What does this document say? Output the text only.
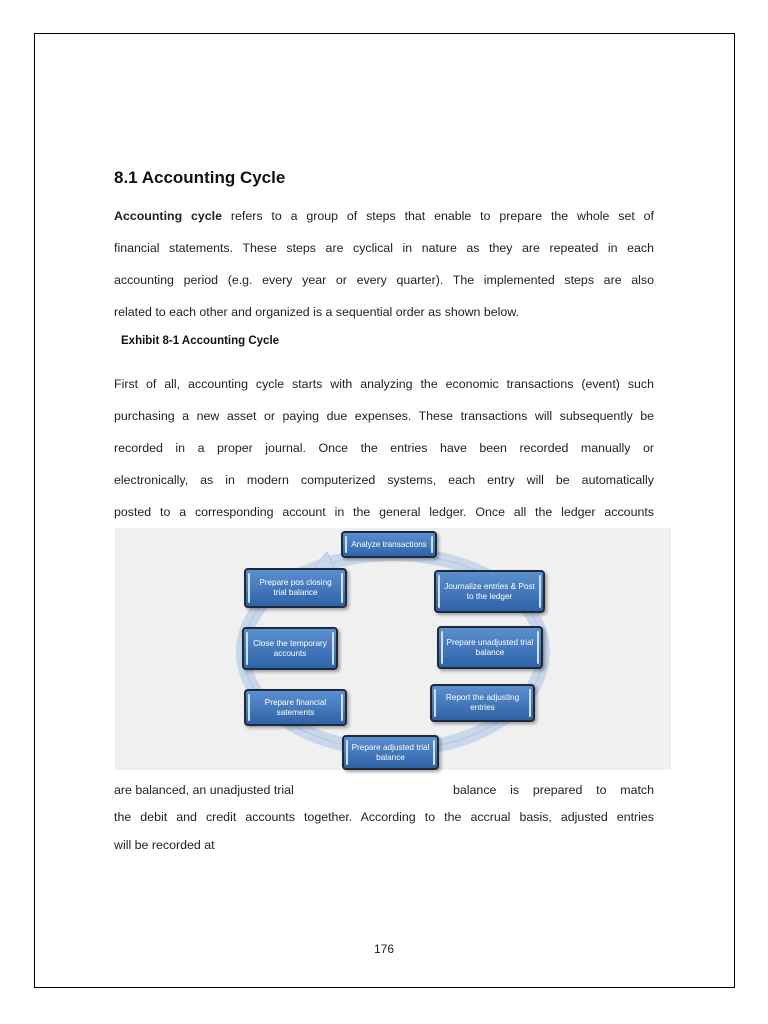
8.1 Accounting Cycle
Accounting cycle refers to a group of steps that enable to prepare the whole set of
financial statements. These steps are cyclical in nature as they are repeated in each
accounting period (e.g. every year or every quarter). The implemented steps are also
related to each other and organized is a sequential order as shown below.
Exhibit 8-1 Accounting Cycle
First of all, accounting cycle starts with analyzing the economic transactions (event) such
purchasing a new asset or paying due expenses. These transactions will subsequently be
recorded in a proper journal. Once the entries have been recorded manually or
electronically, as in modern computerized systems, each entry will be automatically
posted to a corresponding account in the general ledger. Once all the ledger accounts
Analyze transactions
Journalize entries & Post to the ledger
Prepare unadjusted trial balance
Report the adjusting entries
Prepare adjusted trial balance
Prepare financial satements
Close the temporary accounts
Prepare pos closing trial balance
are balanced, an unadjusted trial	balance is prepared to match
the debit and credit accounts together. According to the accrual basis, adjusted entries
will be recorded at
176
